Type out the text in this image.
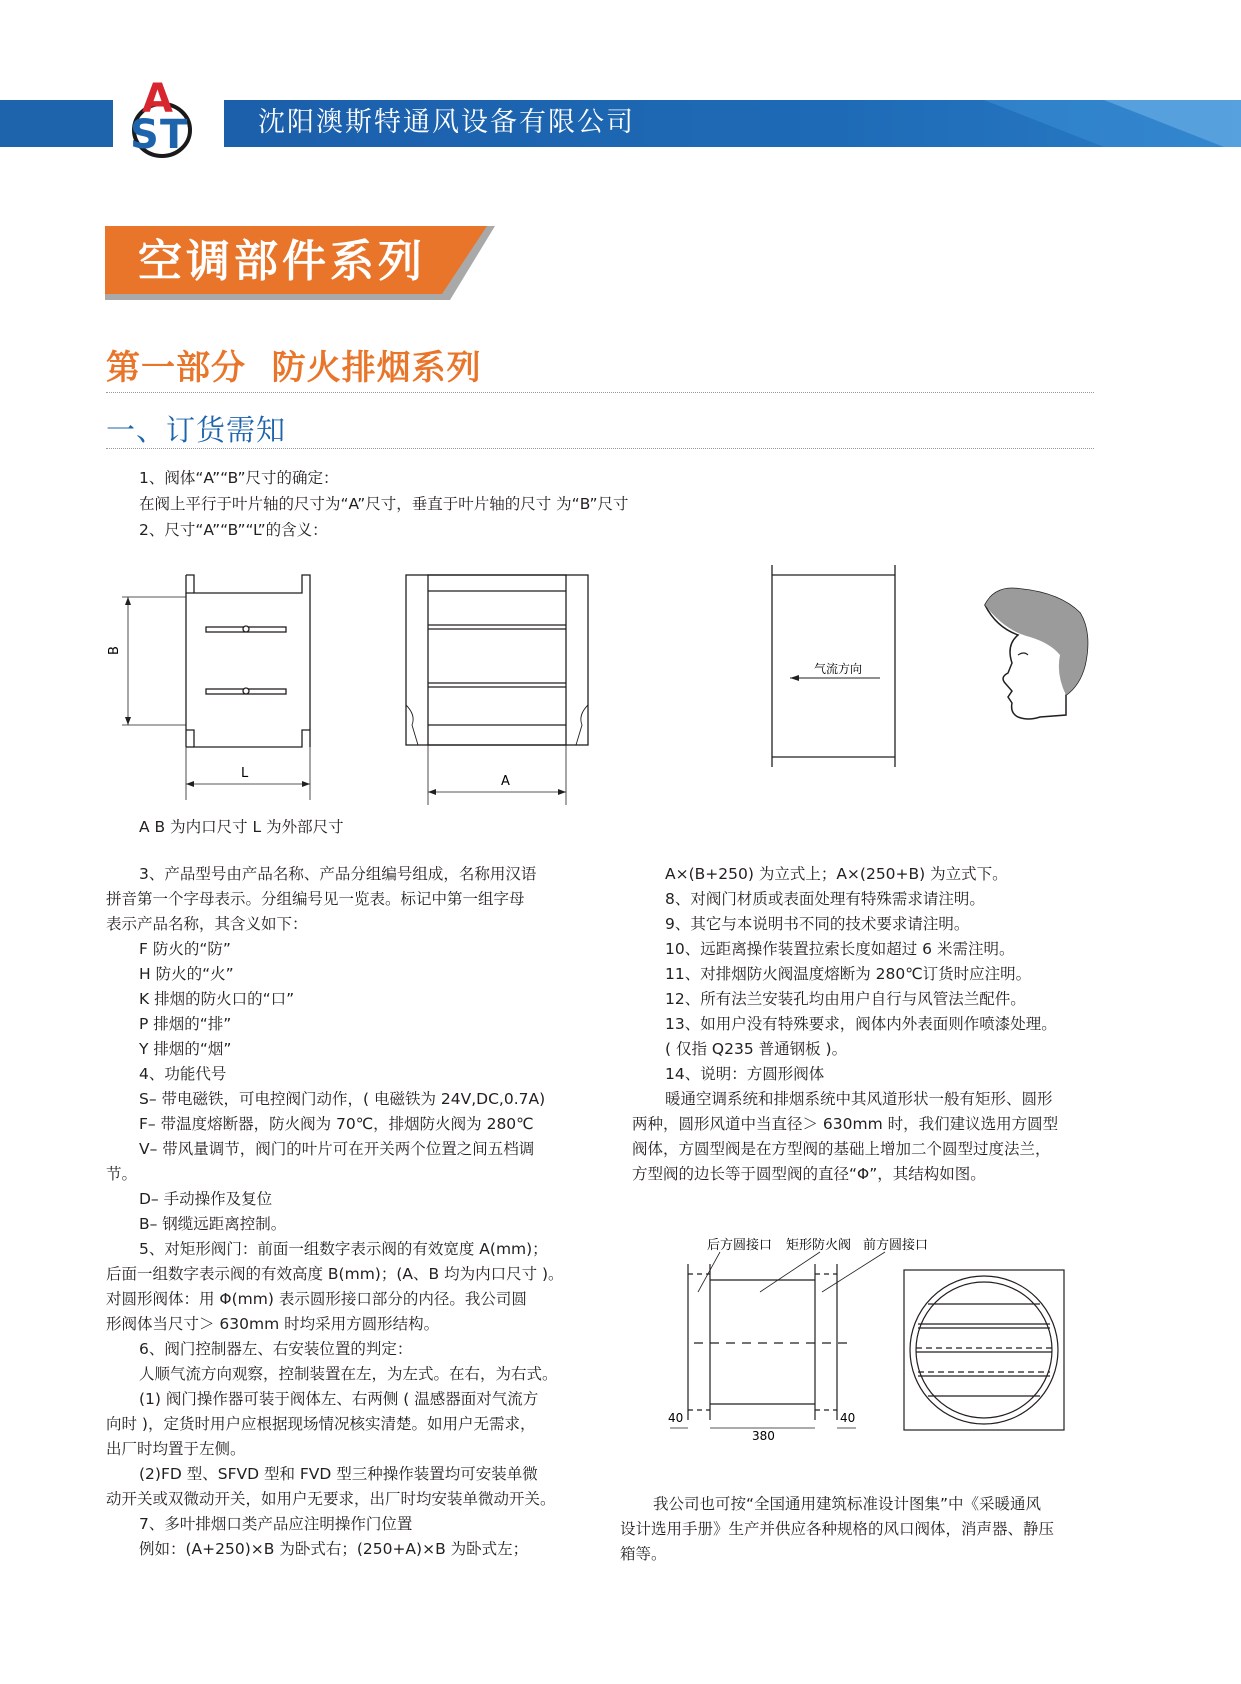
沈阳澳斯特通风设备有限公司
A
S T
空调部件系列
第一部分  防火排烟系列
一、订货需知
1、阀体“A”“B”尺寸的确定：
在阀上平行于叶片轴的尺寸为“A”尺寸，垂直于叶片轴的尺寸 为“B”尺寸
2、尺寸“A”“B”“L”的含义：
B
L
A
气流方向
A B 为内口尺寸 L 为外部尺寸

3、产品型号由产品名称、产品分组编号组成，名称用汉语

拼音第一个字母表示。分组编号见一览表。标记中第一组字母

表示产品名称，其含义如下：

F 防火的“防”

H 防火的“火”

K 排烟的防火口的“口”

P 排烟的“排”

Y 排烟的“烟”

4、功能代号

S– 带电磁铁，可电控阀门动作，( 电磁铁为 24V,DC,0.7A)

F– 带温度熔断器，防火阀为 70℃，排烟防火阀为 280℃

V– 带风量调节，阀门的叶片可在开关两个位置之间五档调

节。

D– 手动操作及复位

B– 钢缆远距离控制。

5、对矩形阀门：前面一组数字表示阀的有效宽度 A(mm)；

后面一组数字表示阀的有效高度 B(mm)；(A、B 均为内口尺寸 )。

对圆形阀体：用 Φ(mm) 表示圆形接口部分的内径。我公司圆

形阀体当尺寸＞ 630mm 时均采用方圆形结构。

6、阀门控制器左、右安装位置的判定：

人顺气流方向观察，控制装置在左，为左式。在右，为右式。

(1) 阀门操作器可装于阀体左、右两侧 ( 温感器面对气流方

向时 )，定货时用户应根据现场情况核实清楚。如用户无需求，

出厂时均置于左侧。

(2)FD 型、SFVD 型和 FVD 型三种操作装置均可安装单微

动开关或双微动开关，如用户无要求，出厂时均安装单微动开关。

7、多叶排烟口类产品应注明操作门位置

例如：(A+250)×B 为卧式右；(250+A)×B 为卧式左；

A×(B+250) 为立式上；A×(250+B) 为立式下。

8、对阀门材质或表面处理有特殊需求请注明。

9、其它与本说明书不同的技术要求请注明。

10、远距离操作装置拉索长度如超过 6 米需注明。

11、对排烟防火阀温度熔断为 280℃订货时应注明。

12、所有法兰安装孔均由用户自行与风管法兰配件。

13、如用户没有特殊要求，阀体内外表面则作喷漆处理。

( 仅指 Q235 普通钢板 )。

14、说明：方圆形阀体

暖通空调系统和排烟系统中其风道形状一般有矩形、圆形

两种，圆形风道中当直径＞ 630mm 时，我们建议选用方圆型

阀体，方圆型阀是在方型阀的基础上增加二个圆型过度法兰，

方型阀的边长等于圆型阀的直径“Φ”，其结构如图。

后方圆接口 矩形防火阀 前方圆接口
40
380
40

我公司也可按“全国通用建筑标准设计图集”中《采暖通风

设计选用手册》生产并供应各种规格的风口阀体，消声器、静压

箱等。
